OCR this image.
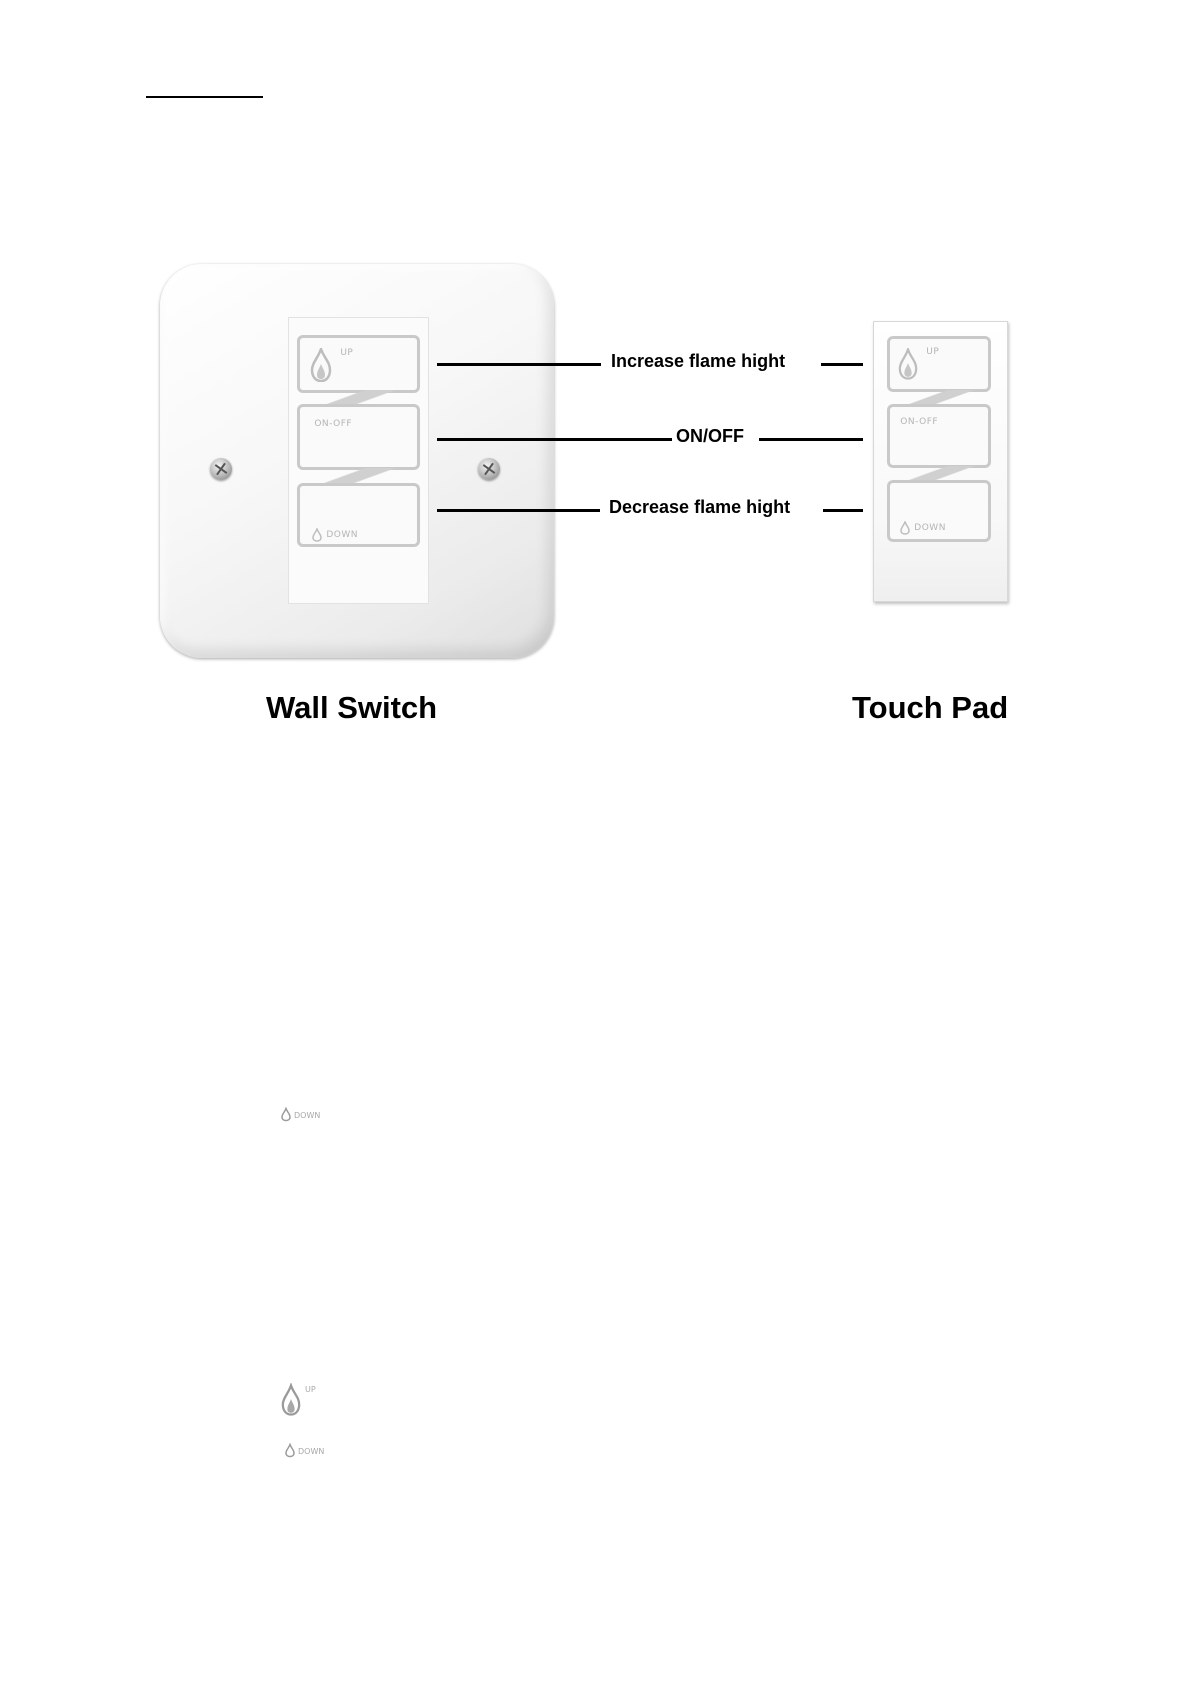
UP
ON-OFF
DOWN
Increase flame hight
ON/OFF
Decrease flame hight
UP
ON-OFF
DOWN
Wall Switch	Touch Pad
DOWN
UP
DOWN
